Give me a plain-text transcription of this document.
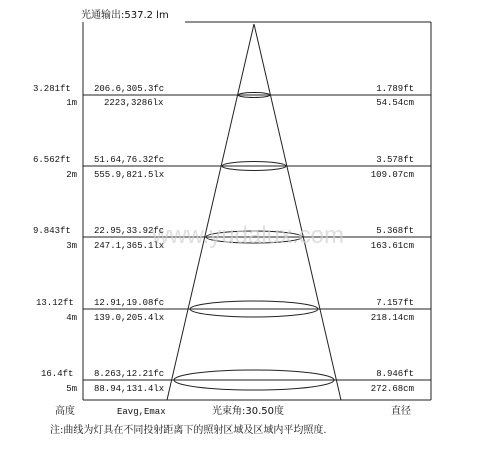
光通输出:537.2 lm
www.yudalux.com
3.281ft
1m
206.6,305.3fc
2223,3286lx
1.789ft
54.54cm
6.562ft
2m
51.64,76.32fc
555.9,821.5lx
3.578ft
109.07cm
9.843ft
3m
22.95,33.92fc
247.1,365.1lx
5.368ft
163.61cm
13.12ft
4m
12.91,19.08fc
139.0,205.4lx
7.157ft
218.14cm
16.4ft
5m
8.263,12.21fc
88.94,131.4lx
8.946ft
272.68cm
高度	Eavg,Emax	光束角:30.50度	直径
注:曲线为灯具在不同投射距离下的照射区域及区域内平均照度.
